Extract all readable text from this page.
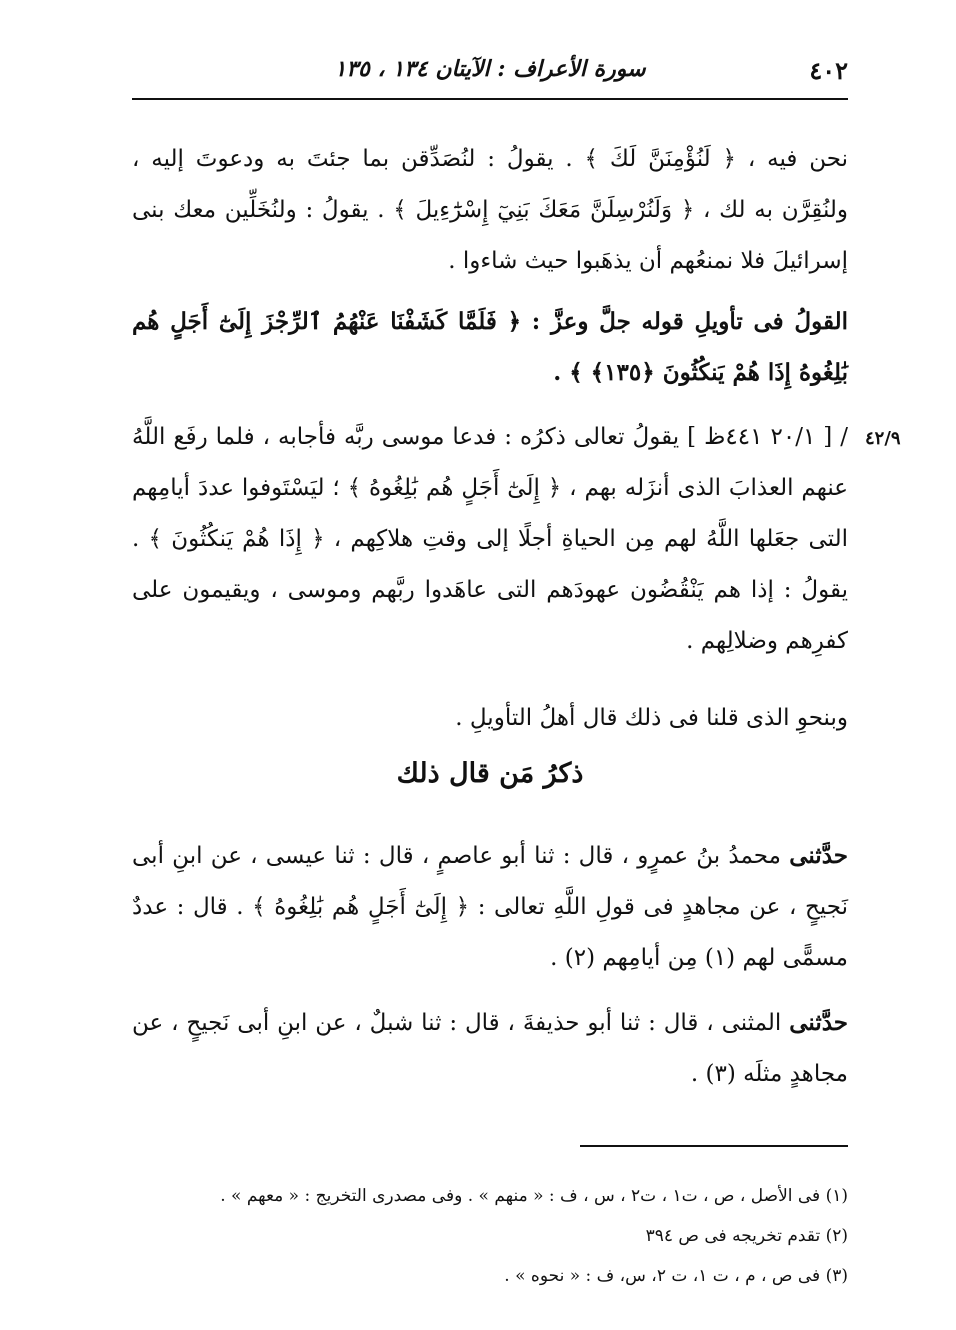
٤٠٢
سورة الأعراف : الآيتان ١٣٤ ، ١٣٥
٤٢/٩

نحن فيه ، ﴿ لَنُؤْمِنَنَّ لَكَ ﴾ . يقولُ : لنُصَدِّقن بما جئتَ به ودعوتَ إليه ، ولنُقِرَّن به لك ، ﴿ وَلَنُرْسِلَنَّ مَعَكَ بَنِيٓ إِسْرَٰٓءِيلَ ﴾ . يقولُ : ولنُخَلِّين معك بنى إسرائيلَ فلا نمنعُهم أن يذهَبوا حيث شاءوا .

القولُ فى تأويلِ قوله جلَّ وعزَّ : ﴿ فَلَمَّا كَشَفْنَا عَنْهُمُ ٱلرِّجْزَ إِلَىٰٓ أَجَلٍ هُم بَٰلِغُوهُ إِذَا هُمْ يَنكُثُونَ ﴿١٣٥﴾ ﴾ .

/ [ ٢٠/١ ٤٤١ظ ] يقولُ تعالى ذكرُه : فدعا موسى ربَّه فأجابه ، فلما رفَع اللَّهُ عنهم العذابَ الذى أنزَله بهم ، ﴿ إِلَىٰٓ أَجَلٍ هُم بَٰلِغُوهُ ﴾ ؛ ليَسْتَوفوا عددَ أيامِهم التى جعَلها اللَّهُ لهم مِن الحياةِ أجلًا إلى وقتِ هلاكِهم ، ﴿ إِذَا هُمْ يَنكُثُونَ ﴾ . يقولُ : إذا هم يَنْقُضُون عهودَهم التى عاهَدوا ربَّهم وموسى ، ويقيمون على كفرِهم وضلالِهم .

وبنحوِ الذى قلنا فى ذلك قال أهلُ التأويلِ .

ذكرُ مَن قال ذلك

حدَّثنى محمدُ بنُ عمرٍو ، قال : ثنا أبو عاصمٍ ، قال : ثنا عيسى ، عن ابنِ أبى نَجيحٍ ، عن مجاهدٍ فى قولِ اللَّهِ تعالى : ﴿ إِلَىٰٓ أَجَلٍ هُم بَٰلِغُوهُ ﴾ . قال : عددٌ مسمًّى لهم (١) مِن أيامِهم (٢) .

حدَّثنى المثنى ، قال : ثنا أبو حذيفةَ ، قال : ثنا شبلٌ ، عن ابنِ أبى نَجيحٍ ، عن مجاهدٍ مثلَه (٣) .

(١) فى الأصل ، ص ، ت١ ، ت٢ ، س ، ف : « منهم » . وفى مصدرى التخريج : « معهم » .
(٢) تقدم تخريجه فى ص ٣٩٤
(٣) فى ص ، م ، ت ١، ت ٢، س، ف : « نحوه » .
